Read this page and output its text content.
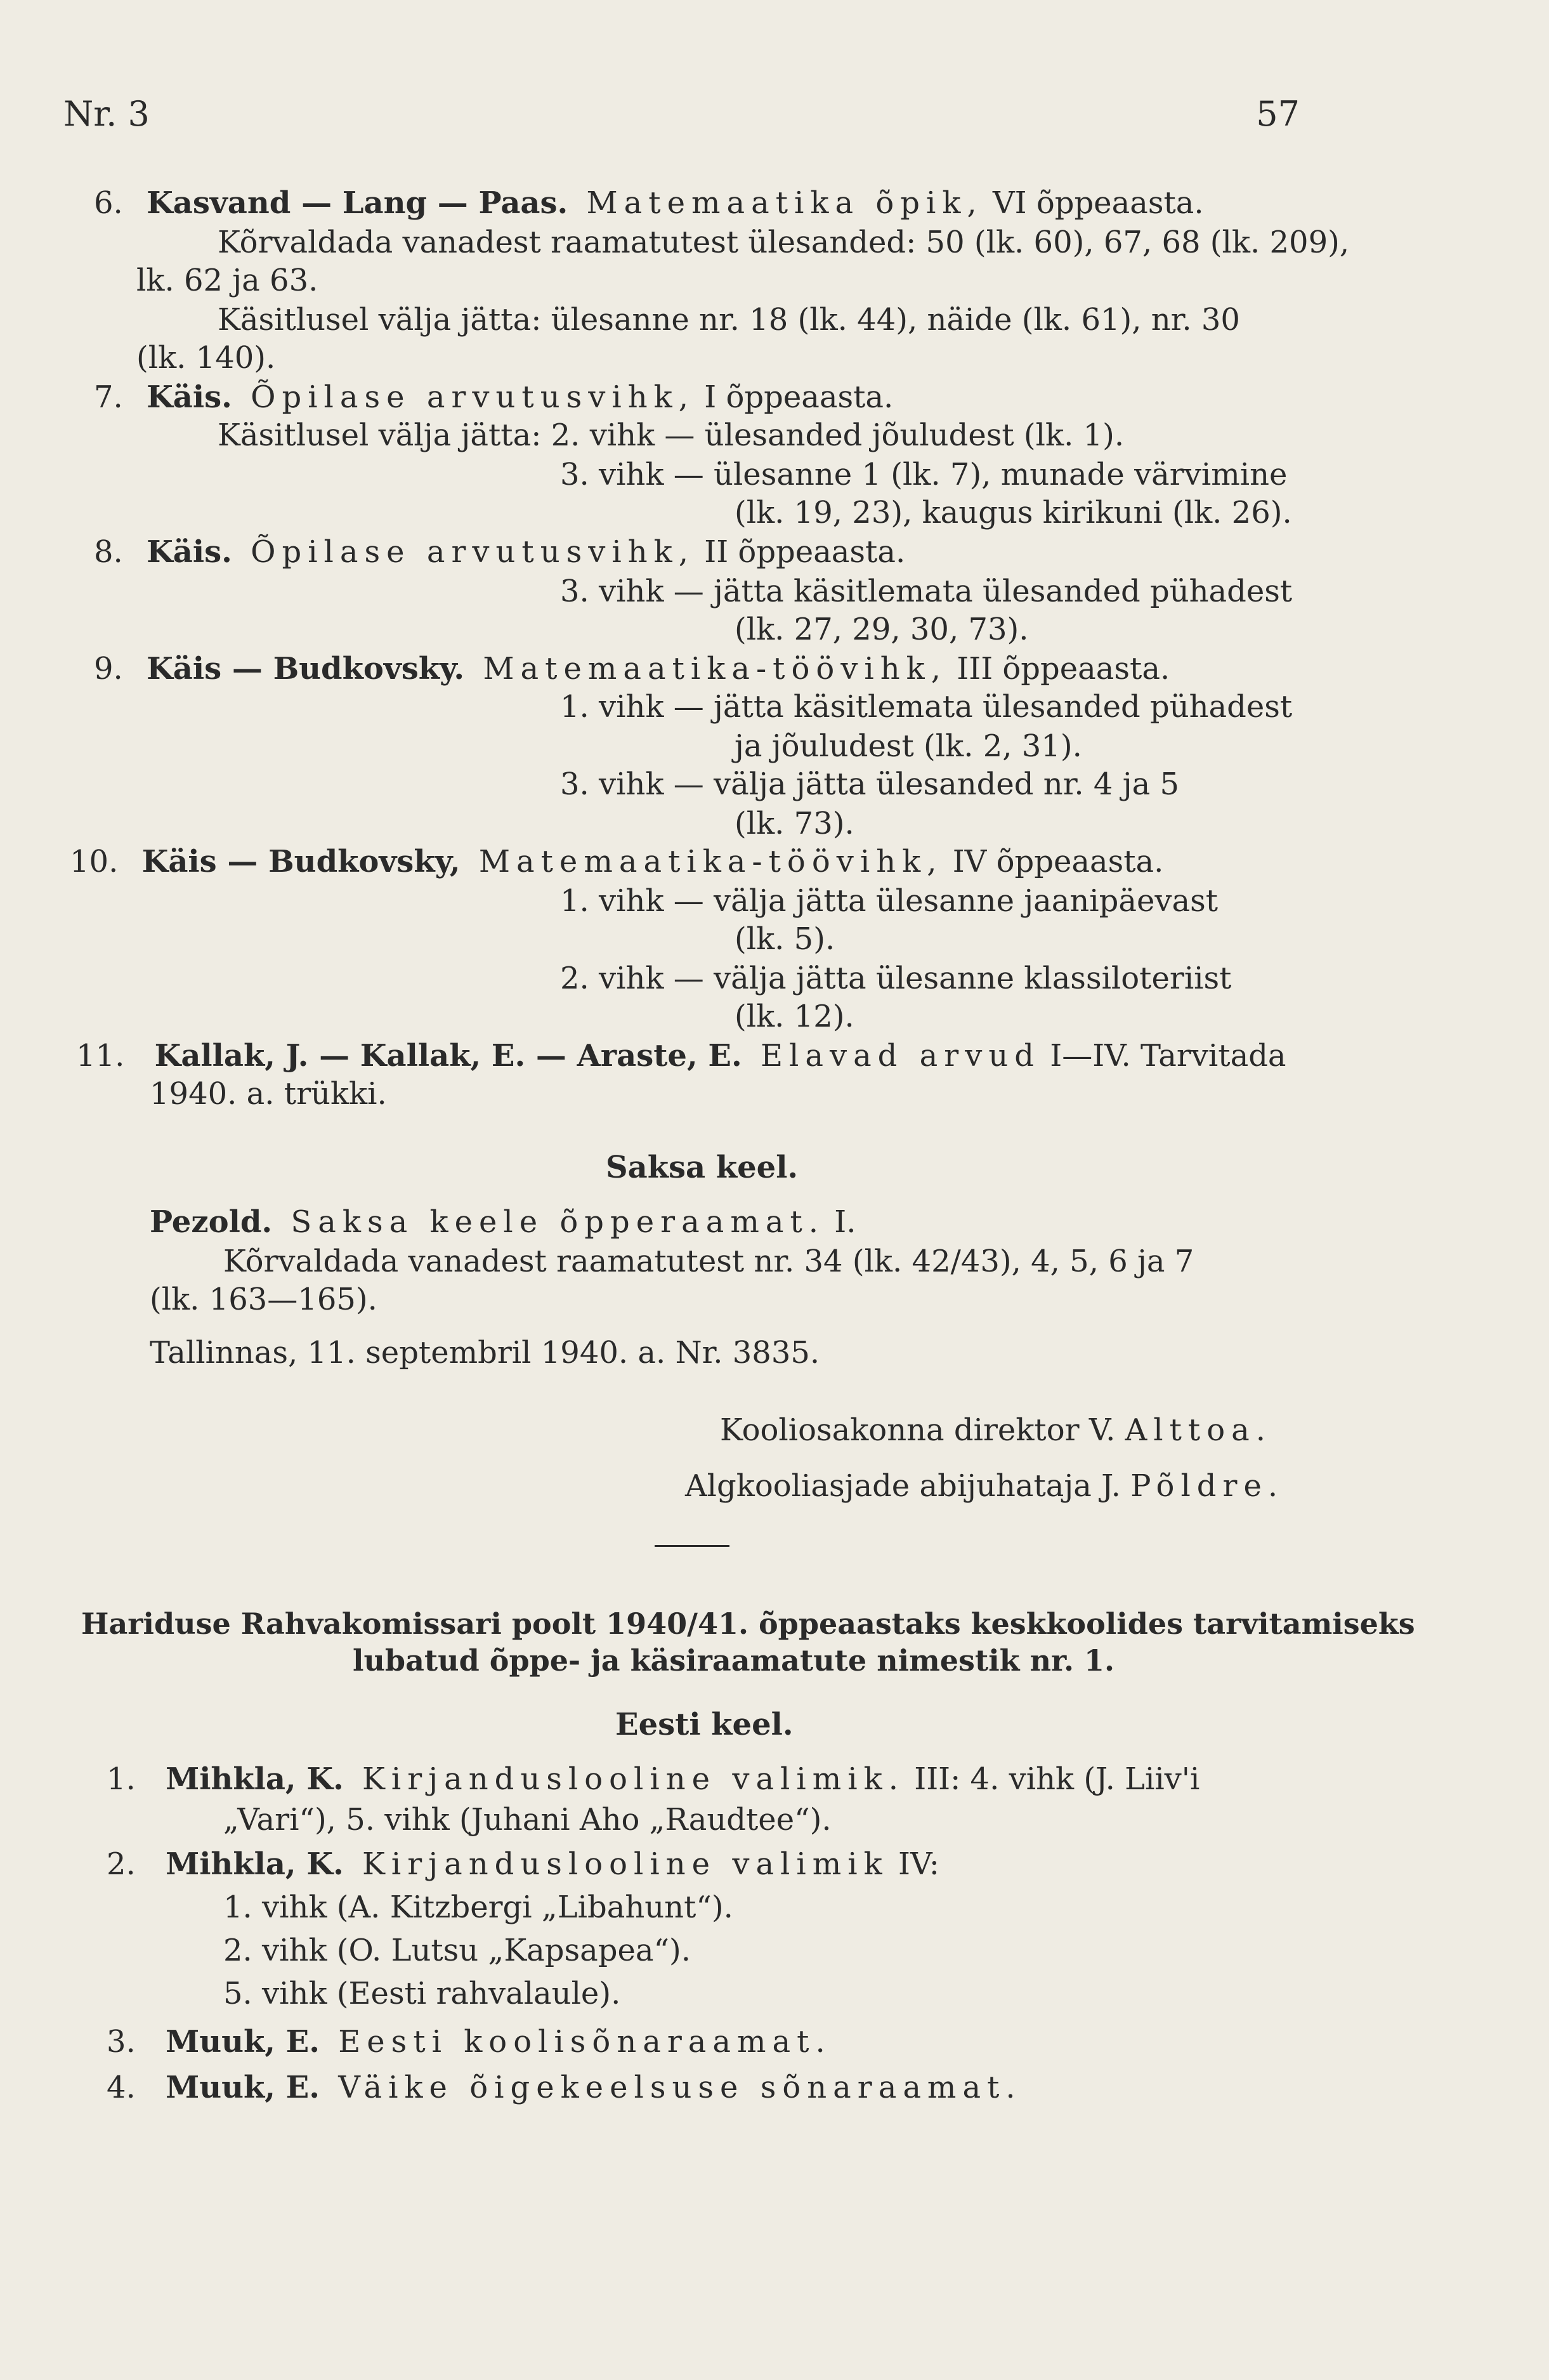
Nr. 3	57
6. Kasvand — Lang — Paas. Matemaatika õpik, VI õppeaasta.
Kõrvaldada vanadest raamatutest ülesanded: 50 (lk. 60), 67, 68 (lk. 209),
lk. 62 ja 63.
Käsitlusel välja jätta: ülesanne nr. 18 (lk. 44), näide (lk. 61), nr. 30
(lk. 140).
7. Käis. Õpilase arvutusvihk, I õppeaasta.
Käsitlusel välja jätta: 2. vihk — ülesanded jõuludest (lk. 1).
3. vihk — ülesanne 1 (lk. 7), munade värvimine
(lk. 19, 23), kaugus kirikuni (lk. 26).
8. Käis. Õpilase arvutusvihk, II õppeaasta.
3. vihk — jätta käsitlemata ülesanded pühadest
(lk. 27, 29, 30, 73).
9. Käis — Budkovsky. Matemaatika-töövihk, III õppeaasta.
1. vihk — jätta käsitlemata ülesanded pühadest
ja jõuludest (lk. 2, 31).
3. vihk — välja jätta ülesanded nr. 4 ja 5
(lk. 73).
10. Käis — Budkovsky, Matemaatika-töövihk, IV õppeaasta.
1. vihk — välja jätta ülesanne jaanipäevast
(lk. 5).
2. vihk — välja jätta ülesanne klassiloteriist
(lk. 12).
11. Kallak, J. — Kallak, E. — Araste, E. Elavad arvud I—IV. Tarvitada
1940. a. trükki.
Saksa keel.
Pezold. Saksa keele õpperaamat. I.
Kõrvaldada vanadest raamatutest nr. 34 (lk. 42/43), 4, 5, 6 ja 7
(lk. 163—165).
Tallinnas, 11. septembril 1940. a. Nr. 3835.
Kooliosakonna direktor V. Alttoa.
Algkooliasjade abijuhataja J. Põldre.
Hariduse Rahvakomissari poolt 1940/41. õppeaastaks keskkoolides tarvitamiseks
lubatud õppe- ja käsiraamatute nimestik nr. 1.
Eesti keel.
1. Mihkla, K. Kirjanduslooline valimik. III: 4. vihk (J. Liiv'i
„Vari“), 5. vihk (Juhani Aho „Raudtee“).
2. Mihkla, K. Kirjanduslooline valimik IV:
1. vihk (A. Kitzbergi „Libahunt“).
2. vihk (O. Lutsu „Kapsapea“).
5. vihk (Eesti rahvalaule).
3. Muuk, E. Eesti koolisõnaraamat.
4. Muuk, E. Väike õigekeelsuse sõnaraamat.
